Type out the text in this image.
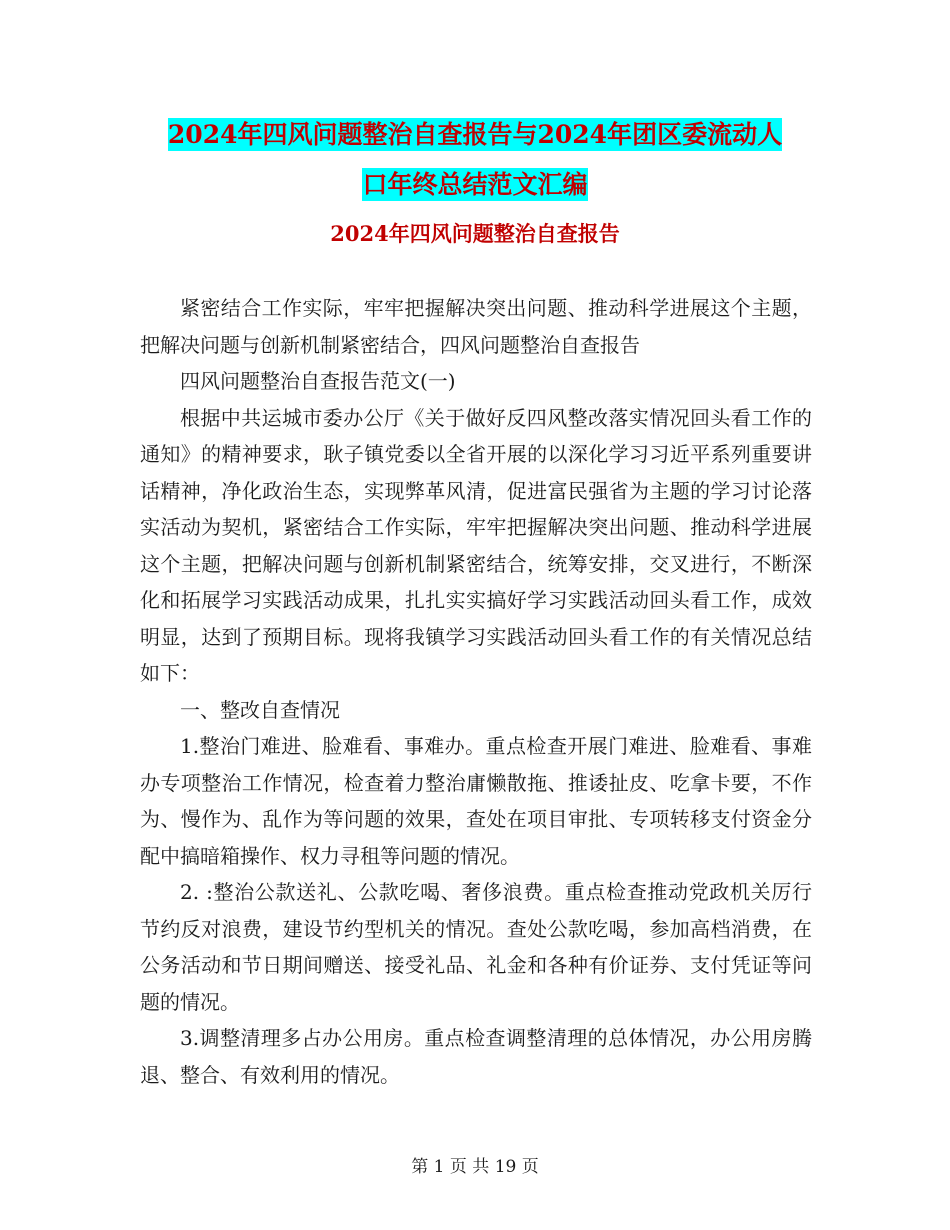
2024年四风问题整治自查报告与2024年团区委流动人
口年终总结范文汇编
2024年四风问题整治自查报告

紧密结合工作实际，牢牢把握解决突出问题、推动科学进展这个主题，把解决问题与创新机制紧密结合，四风问题整治自查报告

四风问题整治自查报告范文(一)

根据中共运城市委办公厅《关于做好反四风整改落实情况回头看工作的通知》的精神要求，耿子镇党委以全省开展的以深化学习习近平系列重要讲话精神，净化政治生态，实现弊革风清，促进富民强省为主题的学习讨论落实活动为契机，紧密结合工作实际，牢牢把握解决突出问题、推动科学进展这个主题，把解决问题与创新机制紧密结合，统筹安排，交叉进行，不断深化和拓展学习实践活动成果，扎扎实实搞好学习实践活动回头看工作，成效明显，达到了预期目标。现将我镇学习实践活动回头看工作的有关情况总结如下：

一、整改自查情况

1.整治门难进、脸难看、事难办。重点检查开展门难进、脸难看、事难办专项整治工作情况，检查着力整治庸懒散拖、推诿扯皮、吃拿卡要，不作为、慢作为、乱作为等问题的效果，查处在项目审批、专项转移支付资金分配中搞暗箱操作、权力寻租等问题的情况。

2. :整治公款送礼、公款吃喝、奢侈浪费。重点检查推动党政机关厉行节约反对浪费，建设节约型机关的情况。查处公款吃喝，参加高档消费，在公务活动和节日期间赠送、接受礼品、礼金和各种有价证券、支付凭证等问题的情况。

3.调整清理多占办公用房。重点检查调整清理的总体情况，办公用房腾退、整合、有效利用的情况。

第 1 页 共 19 页
